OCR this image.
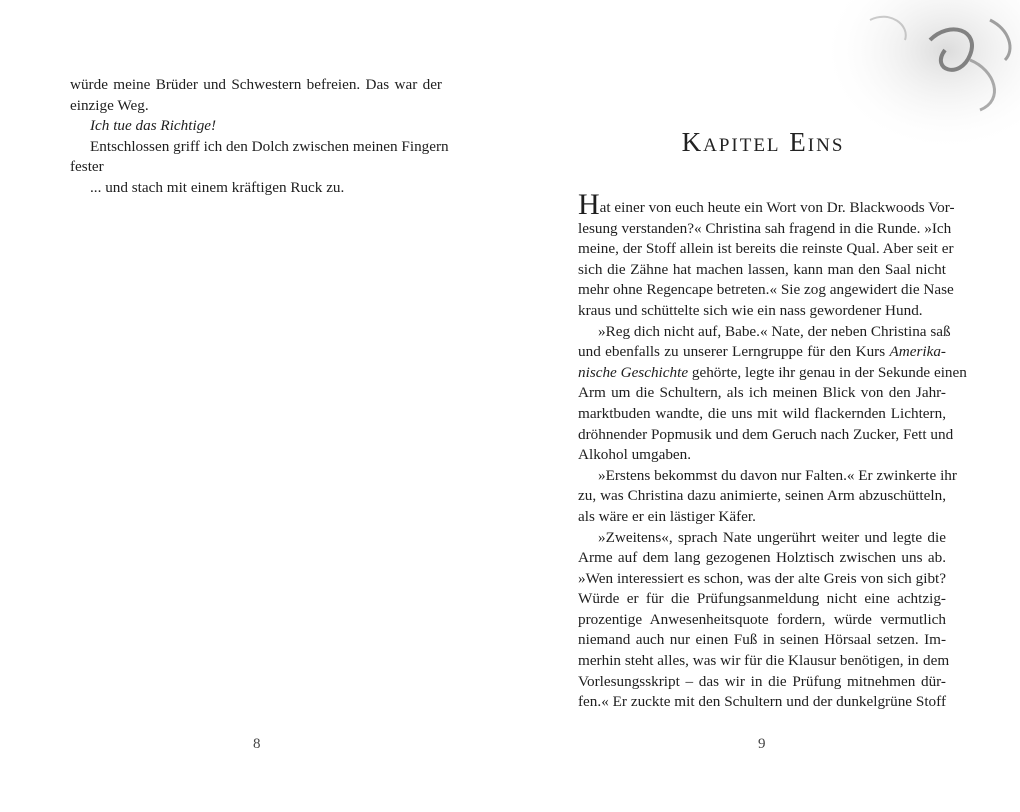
würde meine Brüder und Schwestern befreien. Das war der
einzige Weg.
Ich tue das Richtige!
Entschlossen griff ich den Dolch zwischen meinen Fingern
fester
... und stach mit einem kräftigen Ruck zu.
8
Kapitel Eins
Hat einer von euch heute ein Wort von Dr. Blackwoods Vor-
lesung verstanden?« Christina sah fragend in die Runde. »Ich
meine, der Stoff allein ist bereits die reinste Qual. Aber seit er
sich die Zähne hat machen lassen, kann man den Saal nicht
mehr ohne Regencape betreten.« Sie zog angewidert die Nase
kraus und schüttelte sich wie ein nass gewordener Hund.
»Reg dich nicht auf, Babe.« Nate, der neben Christina saß
und ebenfalls zu unserer Lerngruppe für den Kurs Amerika-
nische Geschichte gehörte, legte ihr genau in der Sekunde einen
Arm um die Schultern, als ich meinen Blick von den Jahr-
marktbuden wandte, die uns mit wild flackernden Lichtern,
dröhnender Popmusik und dem Geruch nach Zucker, Fett und
Alkohol umgaben.
»Erstens bekommst du davon nur Falten.« Er zwinkerte ihr
zu, was Christina dazu animierte, seinen Arm abzuschütteln,
als wäre er ein lästiger Käfer.
»Zweitens«, sprach Nate ungerührt weiter und legte die
Arme auf dem lang gezogenen Holztisch zwischen uns ab.
»Wen interessiert es schon, was der alte Greis von sich gibt?
Würde er für die Prüfungsanmeldung nicht eine achtzig-
prozentige Anwesenheitsquote fordern, würde vermutlich
niemand auch nur einen Fuß in seinen Hörsaal setzen. Im-
merhin steht alles, was wir für die Klausur benötigen, in dem
Vorlesungsskript – das wir in die Prüfung mitnehmen dür-
fen.« Er zuckte mit den Schultern und der dunkelgrüne Stoff
9
